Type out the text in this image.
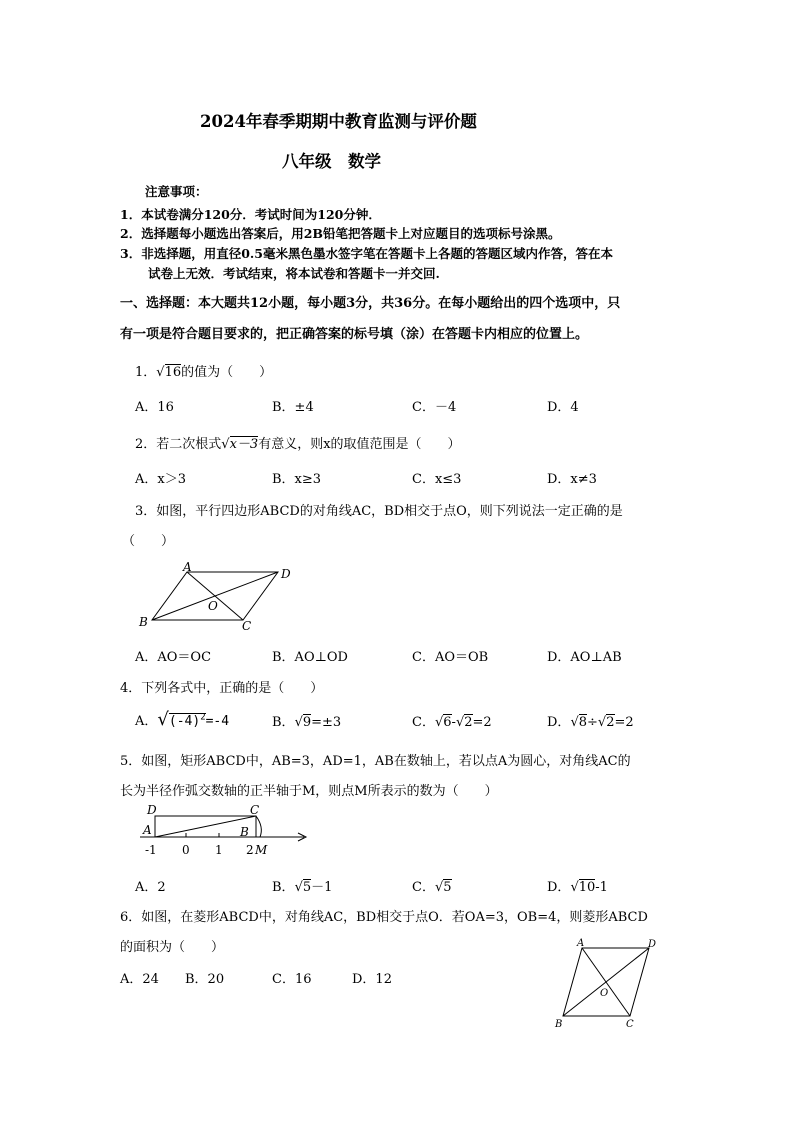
2024年春季期期中教育监测与评价题
八年级　数学
注意事项：
1．本试卷满分120分．考试时间为120分钟．
2．选择题每小题选出答案后，用2B铅笔把答题卡上对应题目的选项标号涂黑。
3．非选择题，用直径0.5毫米黑色墨水签字笔在答题卡上各题的答题区域内作答，答在本
试卷上无效．考试结束，将本试卷和答题卡一并交回.
一、选择题：本大题共12小题，每小题3分，共36分。在每小题给出的四个选项中，只
有一项是符合题目要求的，把正确答案的标号填（涂）在答题卡内相应的位置上。
1．√16的值为（　　）
A．16	B．±4	C．－4	D．4
2．若二次根式√x－3有意义，则x的取值范围是（　　）
A．x＞3	B．x≥3	C．x≤3	D．x≠3
3．如图，平行四边形ABCD的对角线AC，BD相交于点O，则下列说法一定正确的是
（　　）
A	D
O
B	C
A．AO＝OC	B．AO⊥OD	C．AO＝OB	D．AO⊥AB
4．下列各式中，正确的是（　　）
A．$√(-4)^2=-4$	B．√9=±3	C．√6-√2=2	D．√8÷√2=2
5．如图，矩形ABCD中，AB=3，AD=1，AB在数轴上，若以点A为圆心，对角线AC的
长为半径作弧交数轴的正半轴于M，则点M所表示的数为（　　）
D	C
A	B
-1 0 1 2 M
A．2	B．√5－1	C．√5	D．√10-1
6．如图，在菱形ABCD中，对角线AC，BD相交于点O．若OA=3，OB=4，则菱形ABCD
的面积为（　　）
A．24 B．20	C．16	D．12
A	D
O
B	C
